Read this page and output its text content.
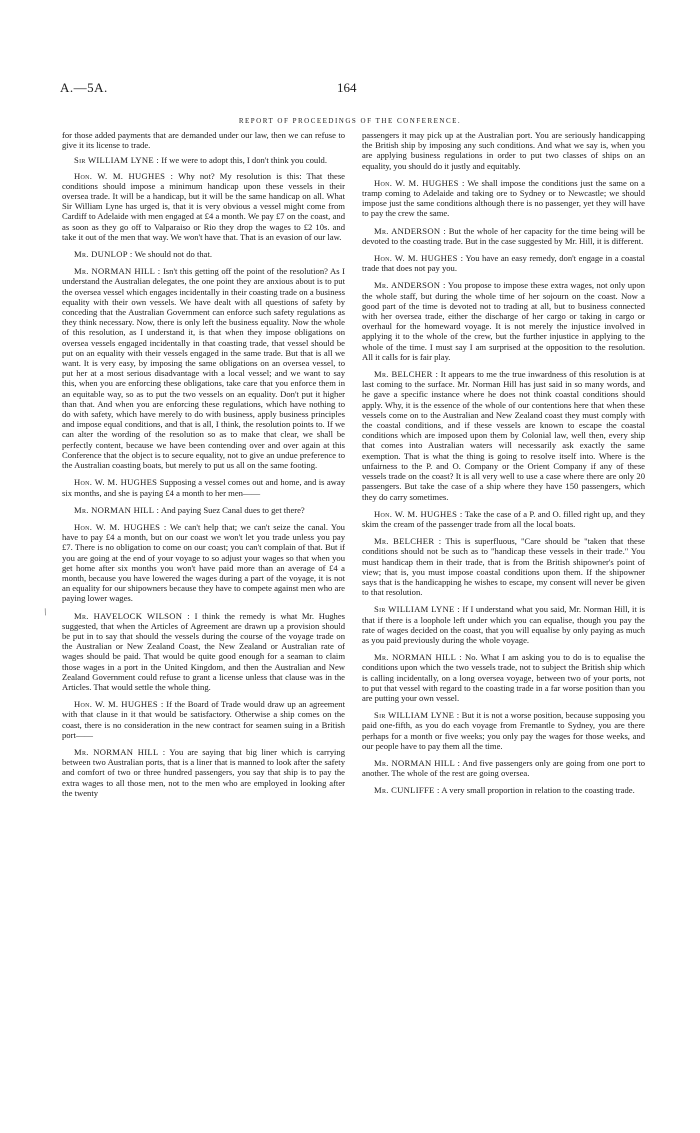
A.—5A.	164
REPORT OF PROCEEDINGS OF THE CONFERENCE.
/

for those added payments that are demanded under our law, then we can refuse to give it its license to trade.

Sir WILLIAM LYNE : If we were to adopt this, I don't think you could.

Hon. W. M. HUGHES : Why not? My resolution is this: That these conditions should impose a minimum handicap upon these vessels in their oversea trade. It will be a handicap, but it will be the same handicap on all. What Sir William Lyne has urged is, that it is very obvious a vessel might come from Cardiff to Adelaide with men engaged at £4 a month. We pay £7 on the coast, and as soon as they go off to Valparaiso or Rio they drop the wages to £2 10s. and take it out of the men that way. We won't have that. That is an evasion of our law.

Mr. DUNLOP : We should not do that.

Mr. NORMAN HILL : Isn't this getting off the point of the resolution? As I understand the Australian delegates, the one point they are anxious about is to put the oversea vessel which engages incidentally in their coasting trade on a business equality with their own vessels. We have dealt with all questions of safety by conceding that the Australian Government can enforce such safety regulations as they think necessary. Now, there is only left the business equality. Now the whole of this resolution, as I understand it, is that when they impose obligations on oversea vessels engaged incidentally in that coasting trade, that vessel should be put on an equality with their vessels engaged in the same trade. But that is all we want. It is very easy, by imposing the same obligations on an oversea vessel, to put her at a most serious disadvantage with a local vessel; and we want to say this, when you are enforcing these obligations, take care that you enforce them in an equitable way, so as to put the two vessels on an equality. Don't put it higher than that. And when you are enforcing these regulations, which have nothing to do with safety, which have merely to do with business, apply business principles and impose equal conditions, and that is all, I think, the resolution points to. If we can alter the wording of the resolution so as to make that clear, we shall be perfectly content, because we have been contending over and over again at this Conference that the object is to secure equality, not to give an undue preference to the Australian coasting boats, but merely to put us all on the same footing.

Hon. W. M. HUGHES Supposing a vessel comes out and home, and is away six months, and she is paying £4 a month to her men——

Mr. NORMAN HILL : And paying Suez Canal dues to get there?

Hon. W. M. HUGHES : We can't help that; we can't seize the canal. You have to pay £4 a month, but on our coast we won't let you trade unless you pay £7. There is no obligation to come on our coast; you can't complain of that. But if you are going at the end of your voyage to so adjust your wages so that when you get home after six months you won't have paid more than an average of £4 a month, because you have lowered the wages during a part of the voyage, it is not an equality for our shipowners because they have to compete against men who are paying lower wages.

Mr. HAVELOCK WILSON : I think the remedy is what Mr. Hughes suggested, that when the Articles of Agreement are drawn up a provision should be put in to say that should the vessels during the course of the voyage trade on the Australian or New Zealand Coast, the New Zealand or Australian rate of wages should be paid. That would be quite good enough for a seaman to claim those wages in a port in the United Kingdom, and then the Australian and New Zealand Government could refuse to grant a license unless that clause was in the Articles. That would settle the whole thing.

Hon. W. M. HUGHES : If the Board of Trade would draw up an agreement with that clause in it that would be satisfactory. Otherwise a ship comes on the coast, there is no consideration in the new contract for seamen suing in a British port——

Mr. NORMAN HILL : You are saying that big liner which is carrying between two Australian ports, that is a liner that is manned to look after the safety and comfort of two or three hundred passengers, you say that ship is to pay the extra wages to all those men, not to the men who are employed in looking after the twenty

passengers it may pick up at the Australian port. You are seriously handicapping the British ship by imposing any such conditions. And what we say is, when you are applying business regulations in order to put two classes of ships on an equality, you should do it justly and equitably.

Hon. W. M. HUGHES : We shall impose the conditions just the same on a tramp coming to Adelaide and taking ore to Sydney or to Newcastle; we should impose just the same conditions although there is no passenger, yet they will have to pay the crew the same.

Mr. ANDERSON : But the whole of her capacity for the time being will be devoted to the coasting trade. But in the case suggested by Mr. Hill, it is different.

Hon. W. M. HUGHES : You have an easy remedy, don't engage in a coastal trade that does not pay you.

Mr. ANDERSON : You propose to impose these extra wages, not only upon the whole staff, but during the whole time of her sojourn on the coast. Now a good part of the time is devoted not to trading at all, but to business connected with her oversea trade, either the discharge of her cargo or taking in cargo or overhaul for the homeward voyage. It is not merely the injustice involved in applying it to the whole of the crew, but the further injustice in applying to the whole of the time. I must say I am surprised at the opposition to the resolution. All it calls for is fair play.

Mr. BELCHER : It appears to me the true inwardness of this resolution is at last coming to the surface. Mr. Norman Hill has just said in so many words, and he gave a specific instance where he does not think coastal conditions should apply. Why, it is the essence of the whole of our contentions here that when these vessels come on to the Australian and New Zealand coast they must comply with the coastal conditions, and if these vessels are known to escape the coastal conditions which are imposed upon them by Colonial law, well then, every ship that comes into Australian waters will necessarily ask exactly the same exemption. That is what the thing is going to resolve itself into. Where is the unfairness to the P. and O. Company or the Orient Company if any of these vessels trade on the coast? It is all very well to use a case where there are only 20 passengers. But take the case of a ship where they have 150 passengers, which they do carry sometimes.

Hon. W. M. HUGHES : Take the case of a P. and O. filled right up, and they skim the cream of the passenger trade from all the local boats.

Mr. BELCHER : This is superfluous, "Care should be "taken that these conditions should not be such as to "handicap these vessels in their trade." You must handicap them in their trade, that is from the British shipowner's point of view; that is, you must impose coastal conditions upon them. If the shipowner says that is the handicapping he wishes to escape, my consent will never be given to that resolution.

Sir WILLIAM LYNE : If I understand what you said, Mr. Norman Hill, it is that if there is a loophole left under which you can equalise, though you pay the rate of wages decided on the coast, that you will equalise by only paying as much as you paid previously during the whole voyage.

Mr. NORMAN HILL : No. What I am asking you to do is to equalise the conditions upon which the two vessels trade, not to subject the British ship which is calling incidentally, on a long oversea voyage, between two of your ports, not to put that vessel with regard to the coasting trade in a far worse position than you are putting your own vessel.

Sir WILLIAM LYNE : But it is not a worse position, because supposing you paid one-fifth, as you do each voyage from Fremantle to Sydney, you are there perhaps for a month or five weeks; you only pay the wages for those weeks, and our people have to pay them all the time.

Mr. NORMAN HILL : And five passengers only are going from one port to another. The whole of the rest are going oversea.

Mr. CUNLIFFE : A very small proportion in relation to the coasting trade.
